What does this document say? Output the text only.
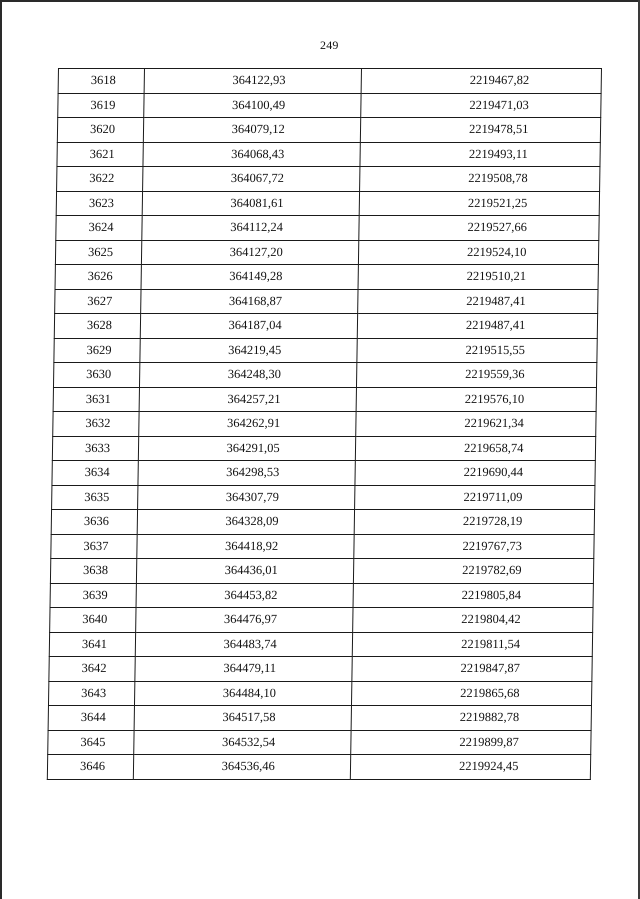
249
3618	364122,93	2219467,82
3619	364100,49	2219471,03
3620	364079,12	2219478,51
3621	364068,43	2219493,11
3622	364067,72	2219508,78
3623	364081,61	2219521,25
3624	364112,24	2219527,66
3625	364127,20	2219524,10
3626	364149,28	2219510,21
3627	364168,87	2219487,41
3628	364187,04	2219487,41
3629	364219,45	2219515,55
3630	364248,30	2219559,36
3631	364257,21	2219576,10
3632	364262,91	2219621,34
3633	364291,05	2219658,74
3634	364298,53	2219690,44
3635	364307,79	2219711,09
3636	364328,09	2219728,19
3637	364418,92	2219767,73
3638	364436,01	2219782,69
3639	364453,82	2219805,84
3640	364476,97	2219804,42
3641	364483,74	2219811,54
3642	364479,11	2219847,87
3643	364484,10	2219865,68
3644	364517,58	2219882,78
3645	364532,54	2219899,87
3646	364536,46	2219924,45
